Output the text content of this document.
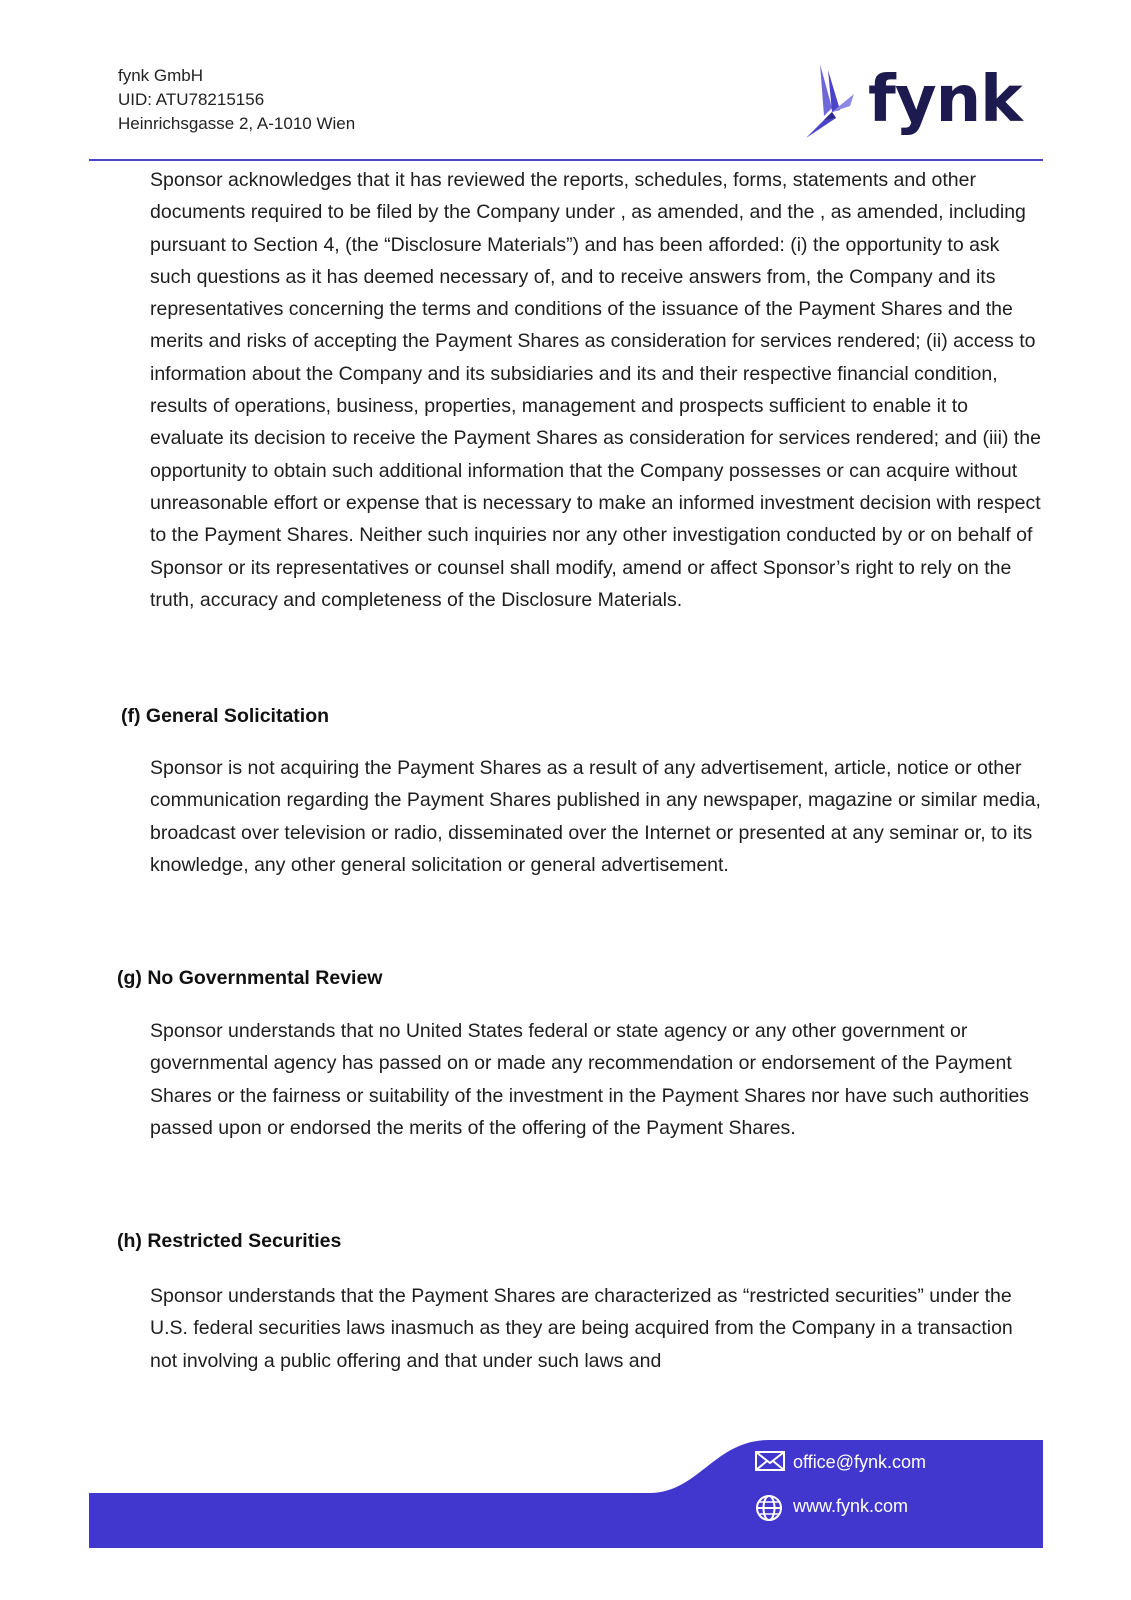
fynk GmbH
UID: ATU78215156
Heinrichsgasse 2, A-1010 Wien	fynk
Sponsor acknowledges that it has reviewed the reports, schedules, forms, statements and other documents required to be filed by the Company under , as amended, and the , as amended, including pursuant to Section 4, (the “Disclosure Materials”) and has been afforded: (i) the opportunity to ask such questions as it has deemed necessary of, and to receive answers from, the Company and its representatives concerning the terms and conditions of the issuance of the Payment Shares and the merits and risks of accepting the Payment Shares as consideration for services rendered; (ii) access to information about the Company and its subsidiaries and its and their respective financial condition, results of operations, business, properties, management and prospects sufficient to enable it to evaluate its decision to receive the Payment Shares as consideration for services rendered; and (iii) the opportunity to obtain such additional information that the Company possesses or can acquire without unreasonable effort or expense that is necessary to make an informed investment decision with respect to the Payment Shares. Neither such inquiries nor any other investigation conducted by or on behalf of Sponsor or its representatives or counsel shall modify, amend or affect Sponsor’s right to rely on the truth, accuracy and completeness of the Disclosure Materials.
(f) General Solicitation
Sponsor is not acquiring the Payment Shares as a result of any advertisement, article, notice or other communication regarding the Payment Shares published in any newspaper, magazine or similar media, broadcast over television or radio, disseminated over the Internet or presented at any seminar or, to its knowledge, any other general solicitation or general advertisement.
(g) No Governmental Review
Sponsor understands that no United States federal or state agency or any other government or governmental agency has passed on or made any recommendation or endorsement of the Payment Shares or the fairness or suitability of the investment in the Payment Shares nor have such authorities passed upon or endorsed the merits of the offering of the Payment Shares.
(h) Restricted Securities
Sponsor understands that the Payment Shares are characterized as “restricted securities” under the U.S. federal securities laws inasmuch as they are being acquired from the Company in a transaction not involving a public offering and that under such laws and
office@fynk.com
www.fynk.com
